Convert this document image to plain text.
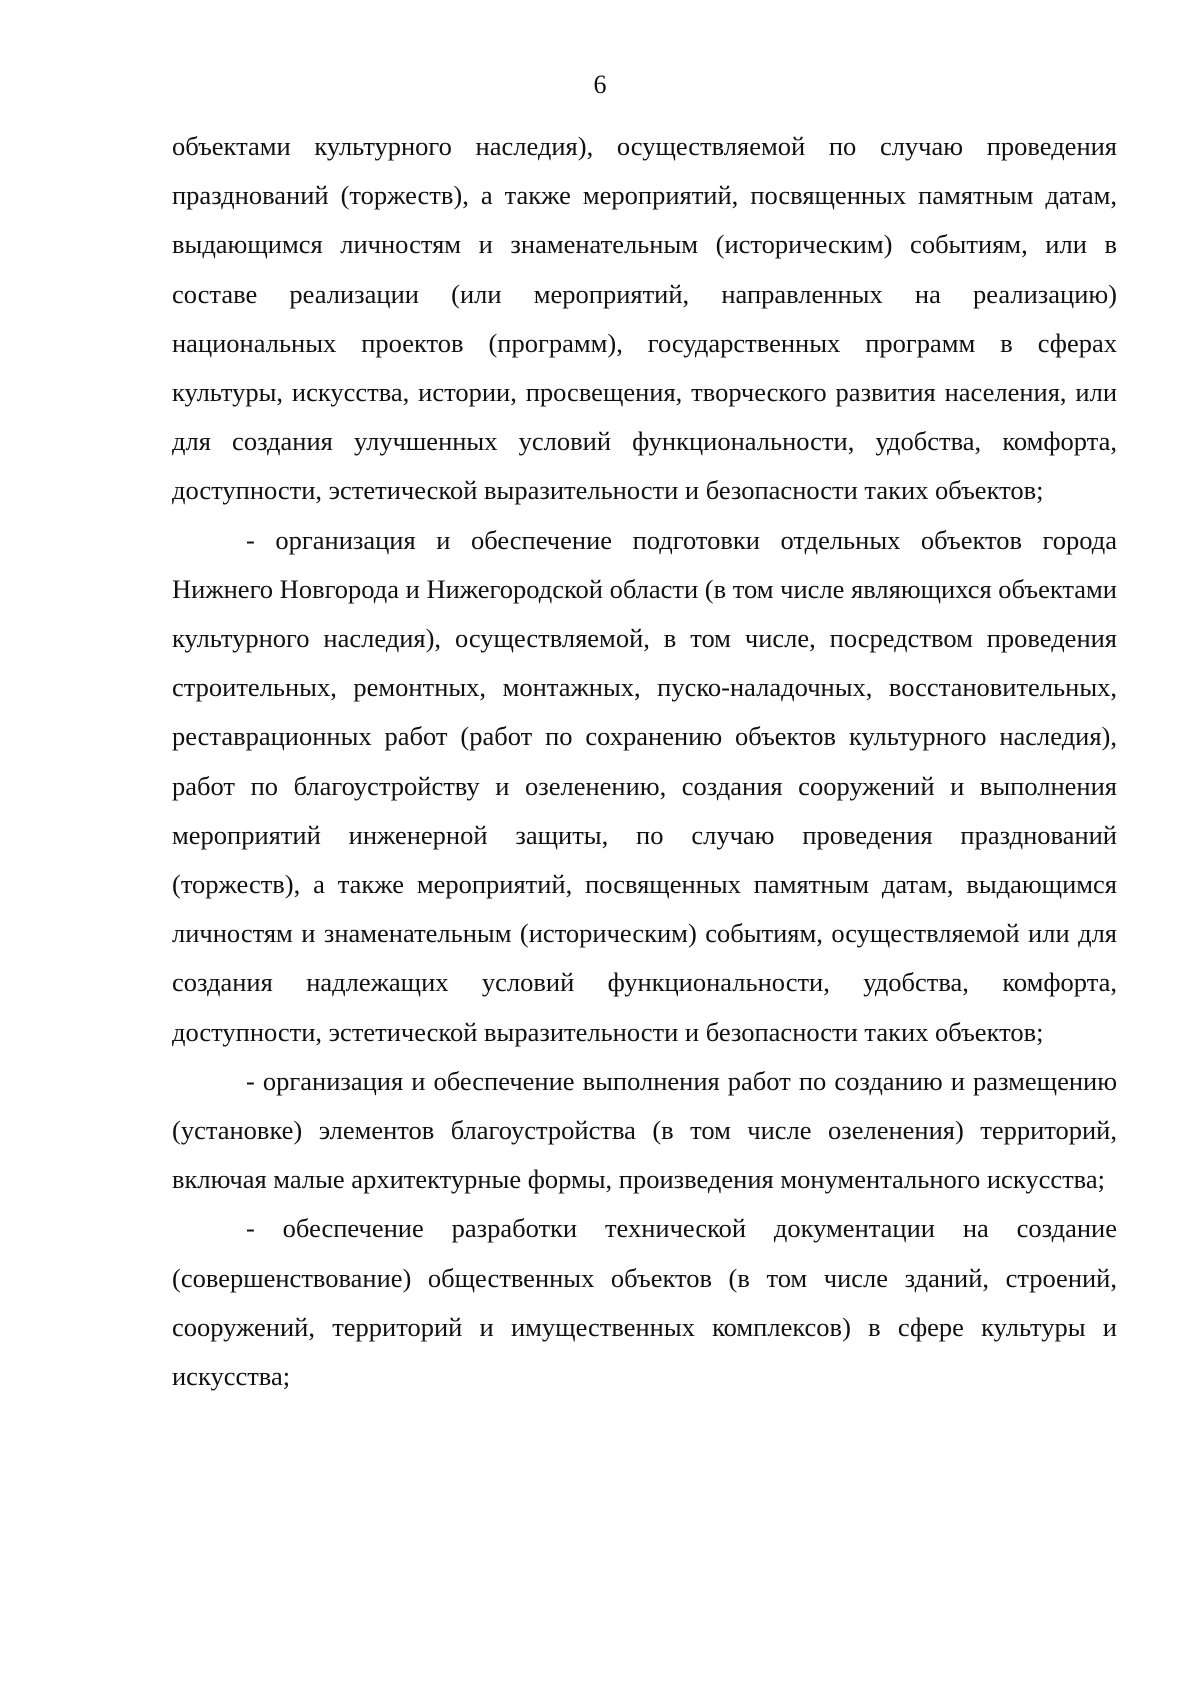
6

объектами культурного наследия), осуществляемой по случаю проведения празднований (торжеств), а также мероприятий, посвященных памятным датам, выдающимся личностям и знаменательным (историческим) событиям, или в составе реализации (или мероприятий, направленных на реализацию) национальных проектов (программ), государственных программ в сферах культуры, искусства, истории, просвещения, творческого развития населения, или для создания улучшенных условий функциональности, удобства, комфорта, доступности, эстетической выразительности и безопасности таких объектов;

- организация и обеспечение подготовки отдельных объектов города Нижнего Новгорода и Нижегородской области (в том числе являющихся объектами культурного наследия), осуществляемой, в том числе, посредством проведения строительных, ремонтных, монтажных, пуско-наладочных, восстановительных, реставрационных работ (работ по сохранению объектов культурного наследия), работ по благоустройству и озеленению, создания сооружений и выполнения мероприятий инженерной защиты, по случаю проведения празднований (торжеств), а также мероприятий, посвященных памятным датам, выдающимся личностям и знаменательным (историческим) событиям, осуществляемой или для создания надлежащих условий функциональности, удобства, комфорта, доступности, эстетической выразительности и безопасности таких объектов;

- организация и обеспечение выполнения работ по созданию и размещению (установке) элементов благоустройства (в том числе озеленения) территорий, включая малые архитектурные формы, произведения монументального искусства;

- обеспечение разработки технической документации на создание (совершенствование) общественных объектов (в том числе зданий, строений, сооружений, территорий и имущественных комплексов) в сфере культуры и искусства;
